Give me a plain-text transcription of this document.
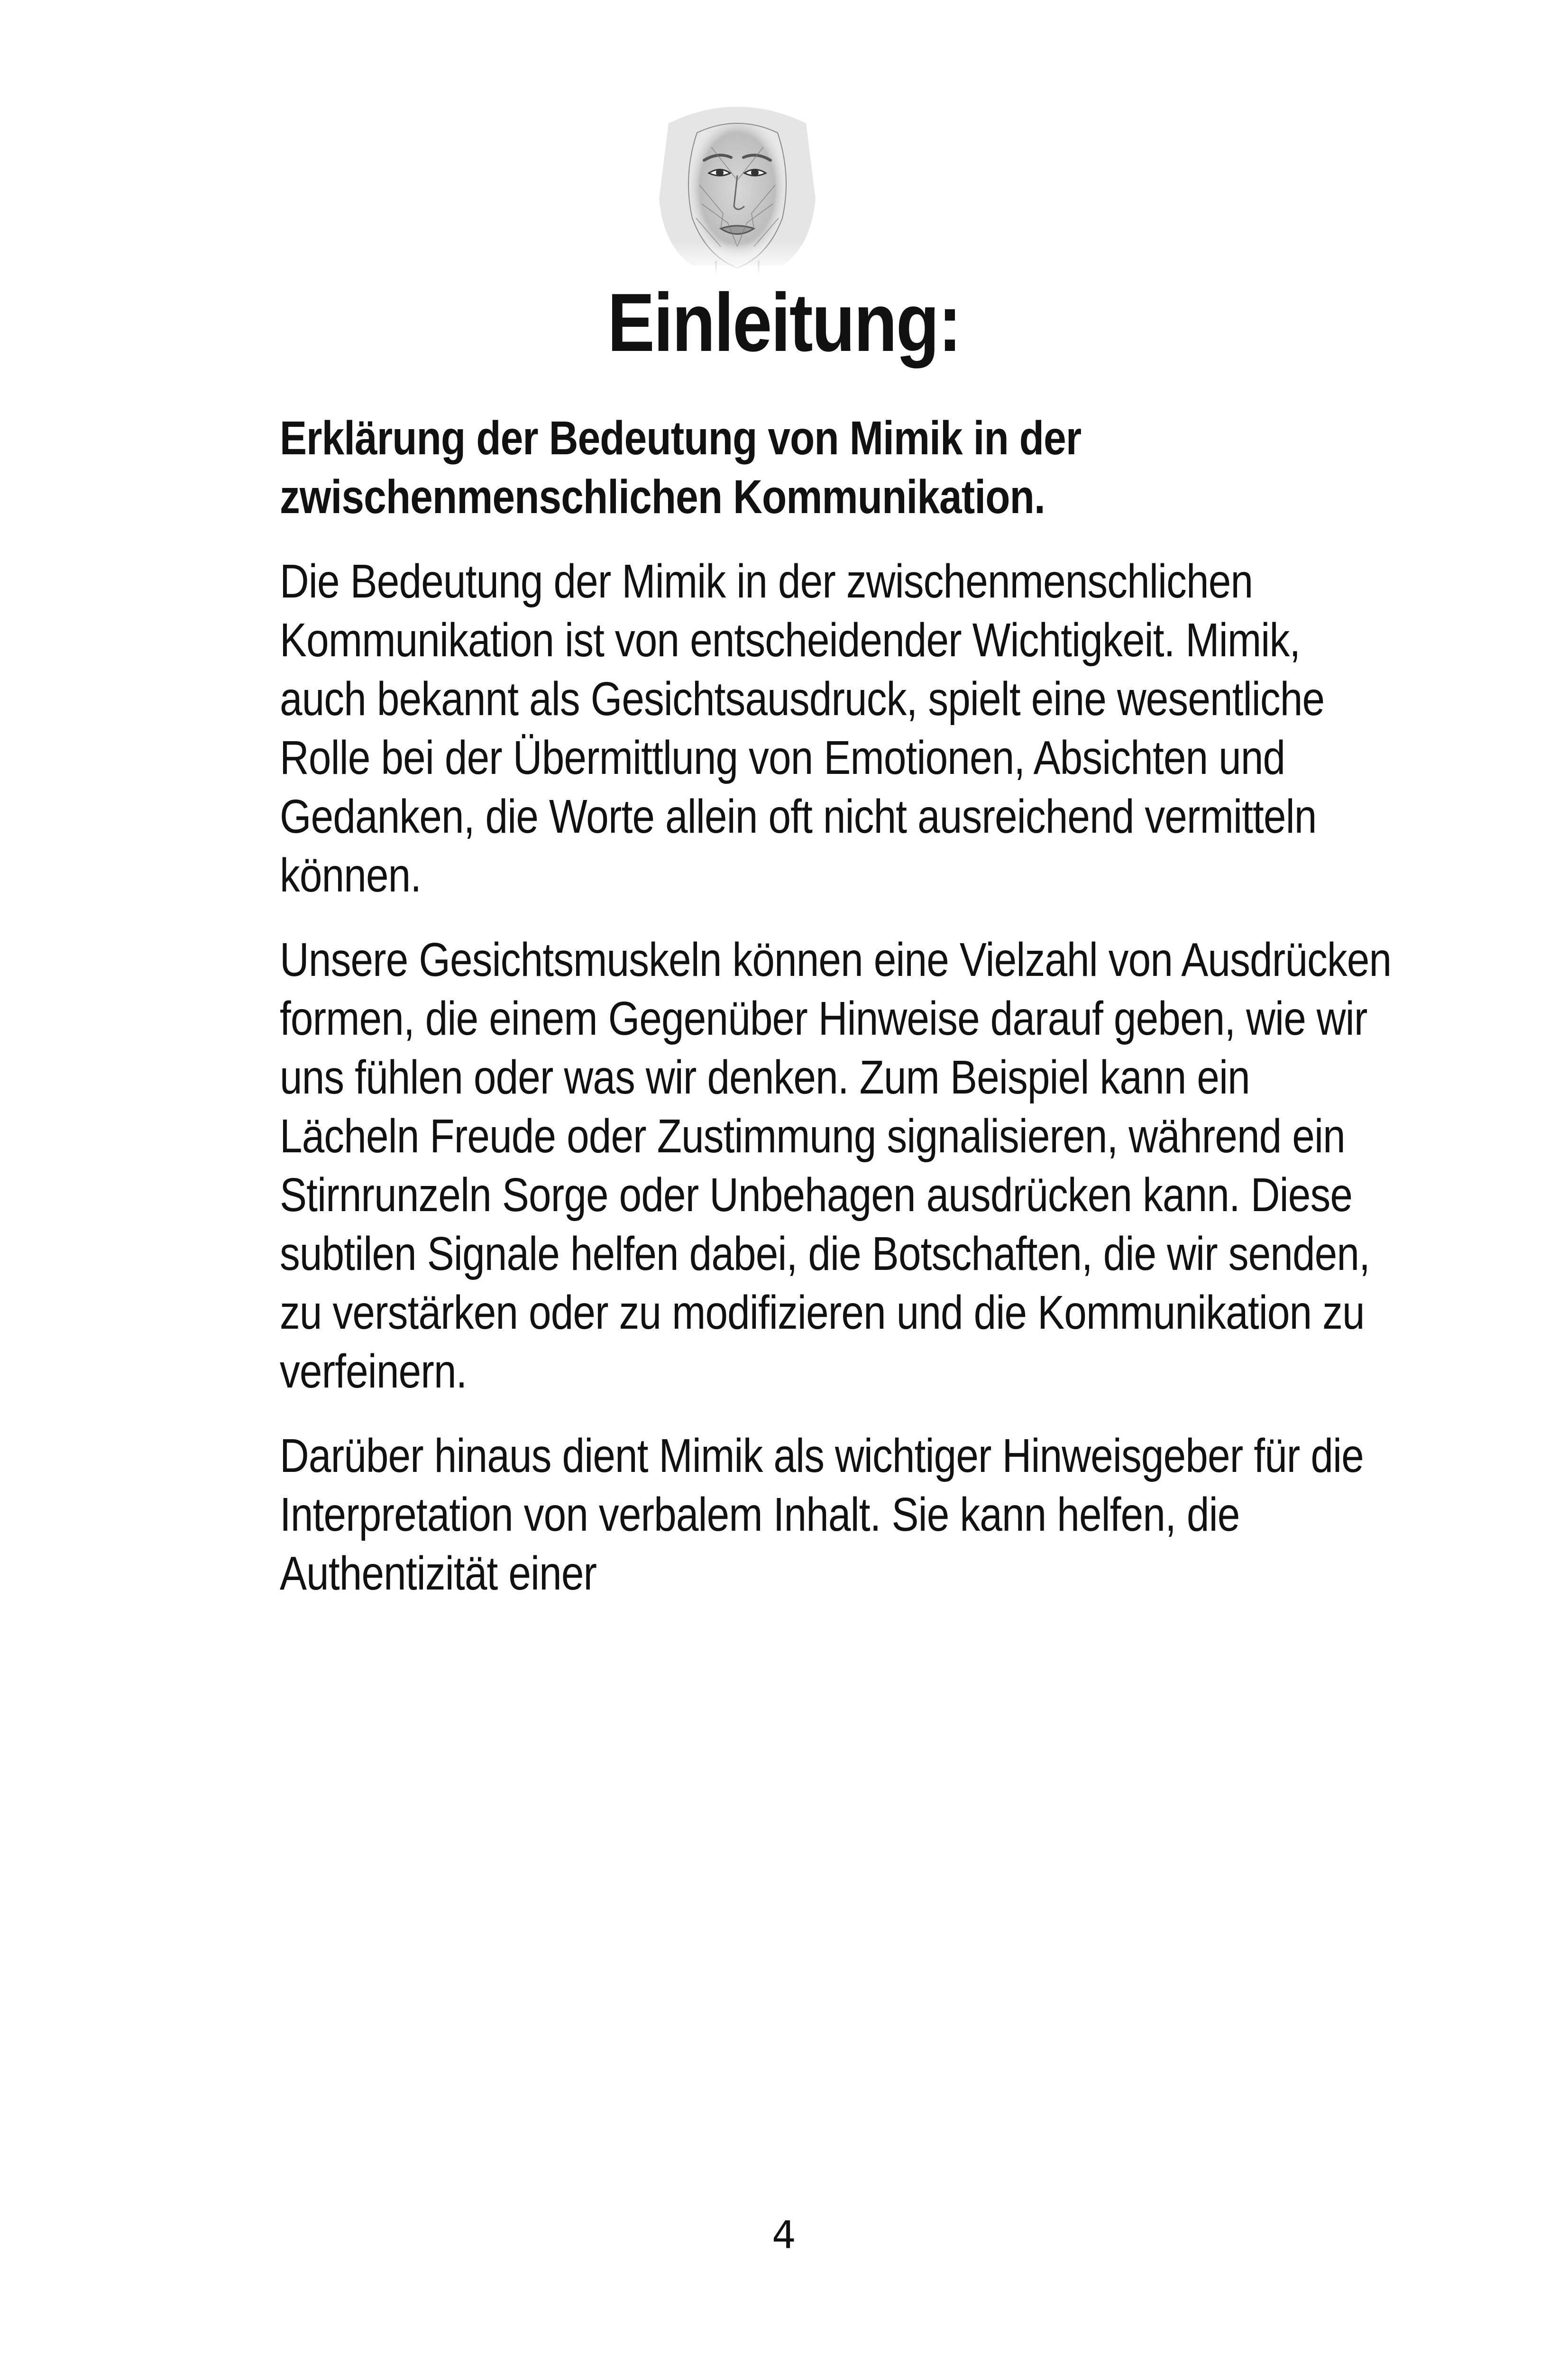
Einleitung:

Erklärung der Bedeutung von Mimik in der zwischenmenschlichen Kommunikation.

Die Bedeutung der Mimik in der zwischenmenschlichen Kommunikation ist von entscheidender Wichtigkeit. Mimik, auch bekannt als Gesichtsausdruck, spielt eine wesentliche Rolle bei der Übermittlung von Emotionen, Absichten und Gedanken, die Worte allein oft nicht ausreichend vermitteln können.

Unsere Gesichtsmuskeln können eine Vielzahl von Ausdrücken formen, die einem Gegenüber Hinweise darauf geben, wie wir uns fühlen oder was wir denken. Zum Beispiel kann ein Lächeln Freude oder Zustimmung signalisieren, während ein Stirnrunzeln Sorge oder Unbehagen ausdrücken kann. Diese subtilen Signale helfen dabei, die Botschaften, die wir senden, zu verstärken oder zu modifizieren und die Kommunikation zu verfeinern.

Darüber hinaus dient Mimik als wichtiger Hinweisgeber für die Interpretation von verbalem Inhalt. Sie kann helfen, die Authentizität einer

4
